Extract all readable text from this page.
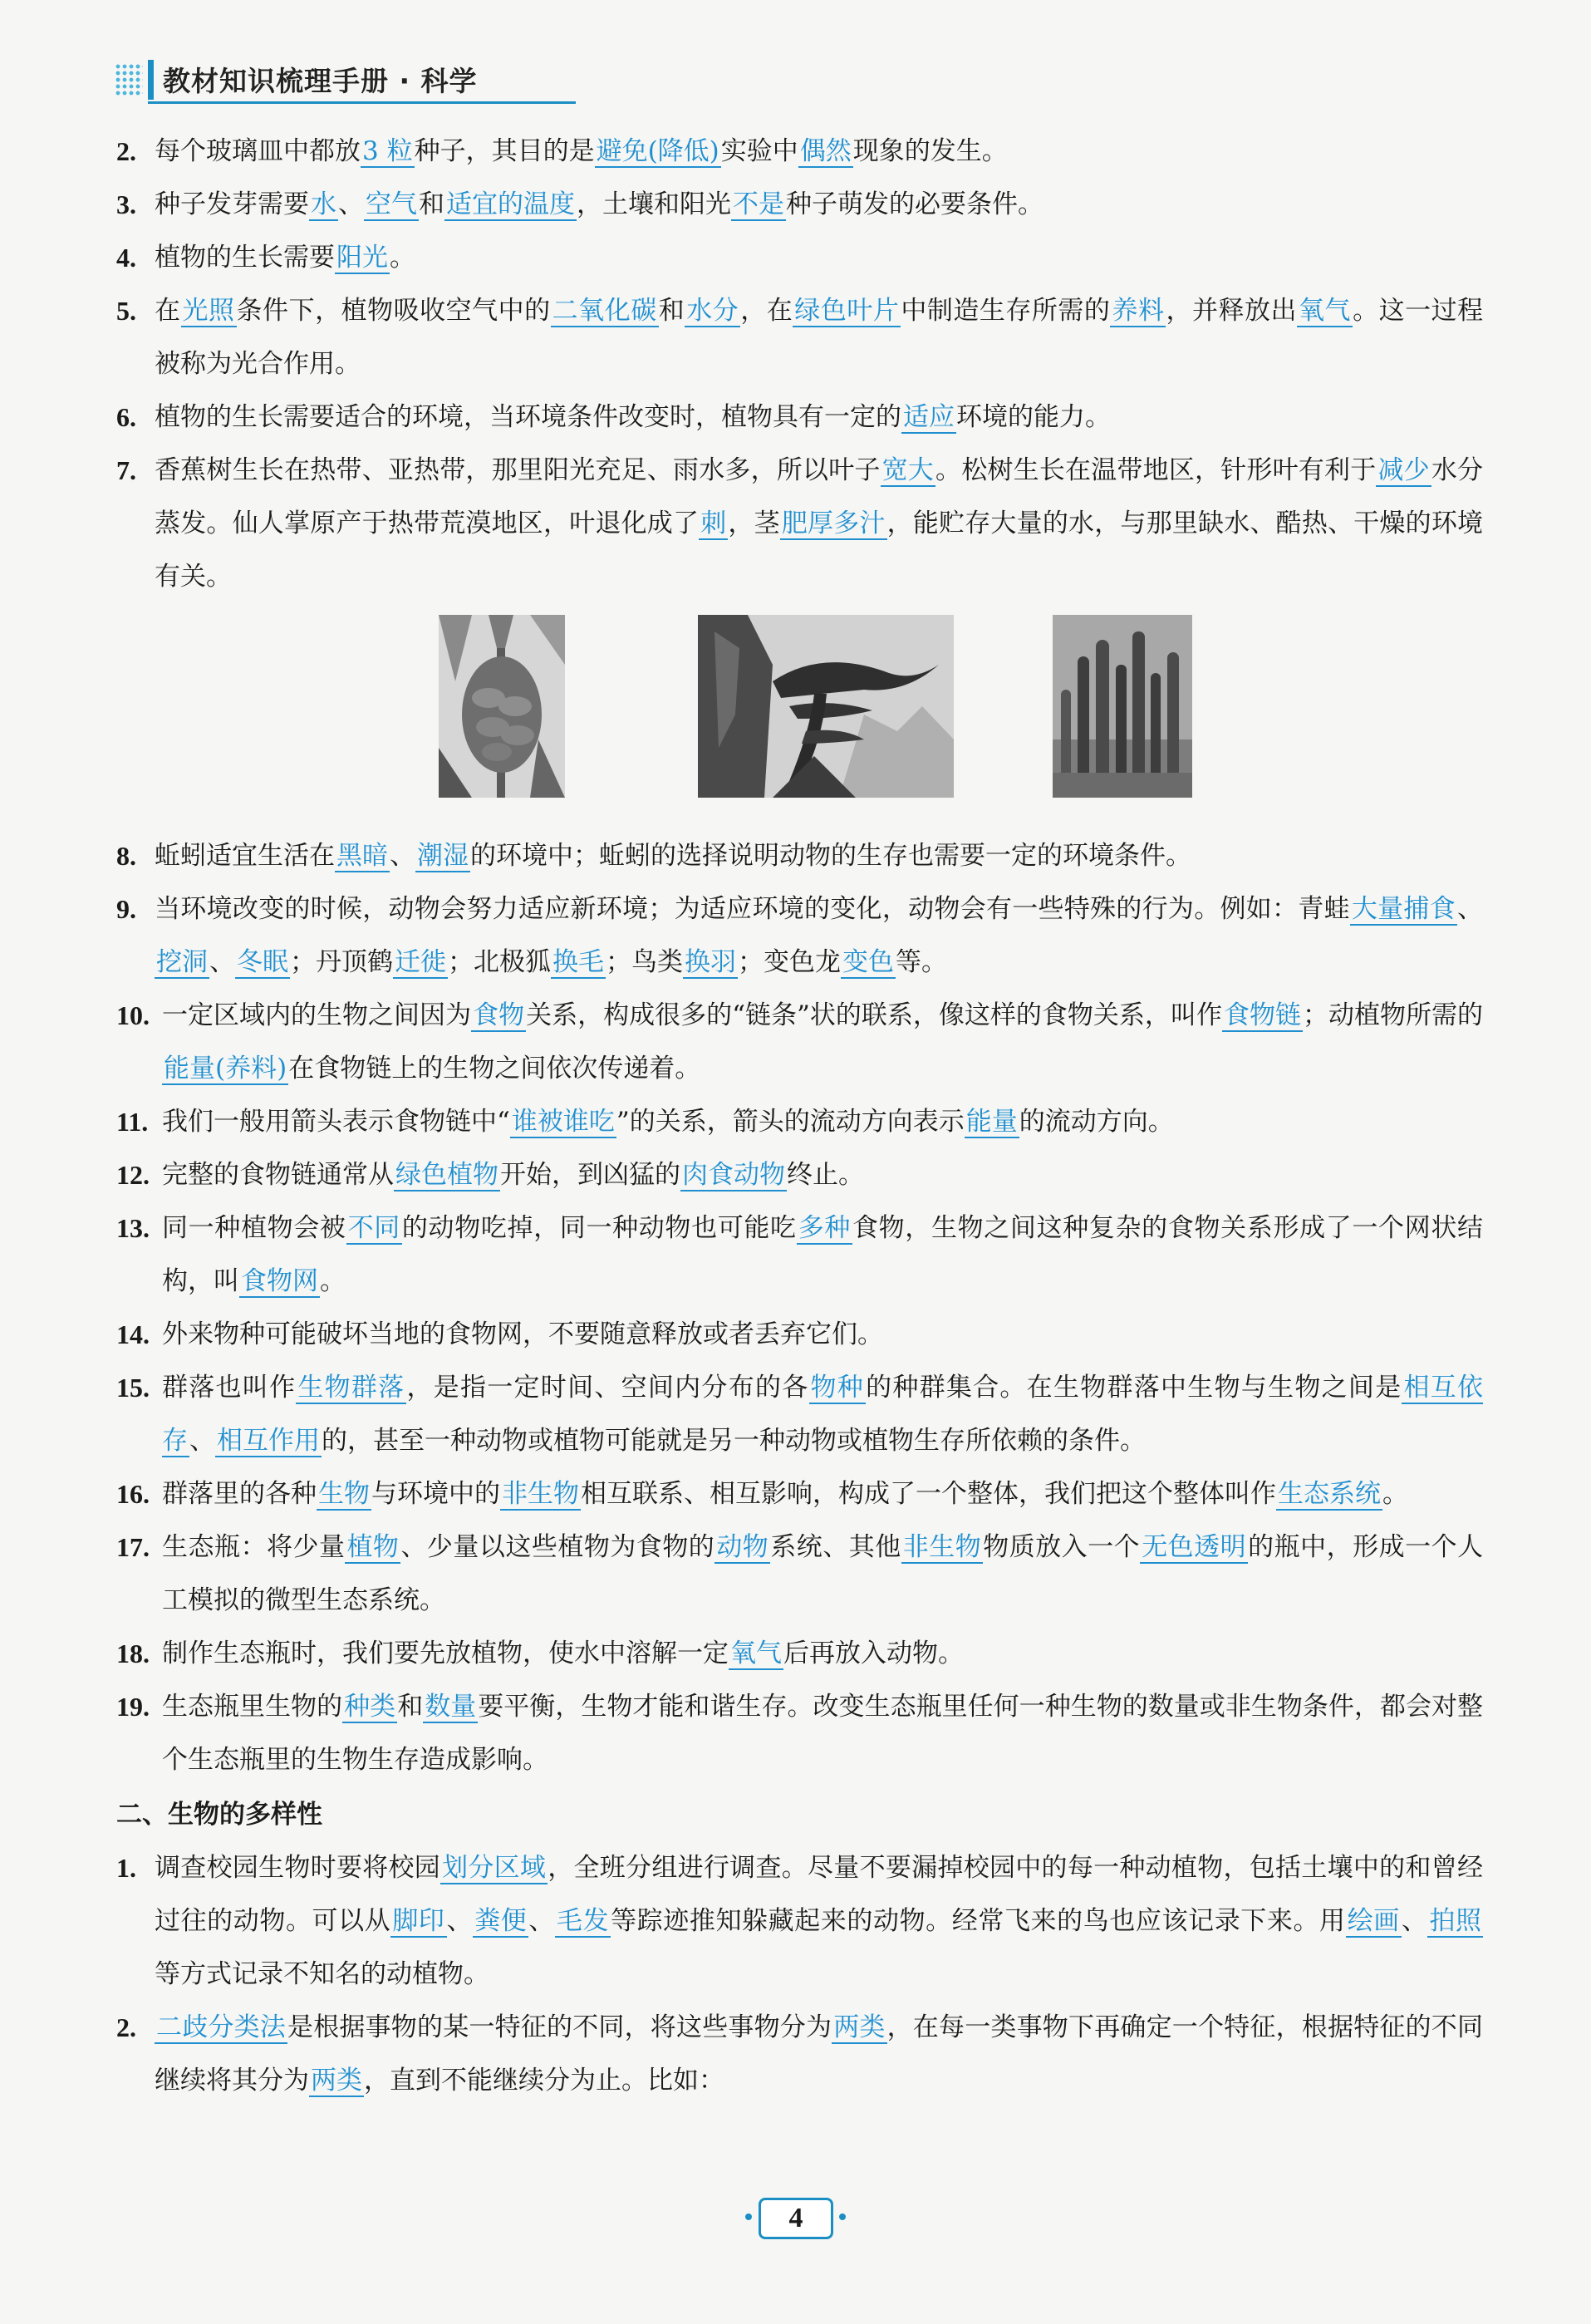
教材知识梳理手册 · 科学
2. 每个玻璃皿中都放3 粒种子，其目的是避免(降低)实验中偶然现象的发生。
3. 种子发芽需要水、空气和适宜的温度，土壤和阳光不是种子萌发的必要条件。
4. 植物的生长需要阳光。
5. 在光照条件下，植物吸收空气中的二氧化碳和水分，在绿色叶片中制造生存所需的养料，并释放出氧气。这一过程被称为光合作用。
6. 植物的生长需要适合的环境，当环境条件改变时，植物具有一定的适应环境的能力。
7. 香蕉树生长在热带、亚热带，那里阳光充足、雨水多，所以叶子宽大。松树生长在温带地区，针形叶有利于减少水分蒸发。仙人掌原产于热带荒漠地区，叶退化成了刺，茎肥厚多汁，能贮存大量的水，与那里缺水、酷热、干燥的环境有关。
8. 蚯蚓适宜生活在黑暗、潮湿的环境中；蚯蚓的选择说明动物的生存也需要一定的环境条件。
9. 当环境改变的时候，动物会努力适应新环境；为适应环境的变化，动物会有一些特殊的行为。例如：青蛙大量捕食、挖洞、冬眠；丹顶鹤迁徙；北极狐换毛；鸟类换羽；变色龙变色等。
10. 一定区域内的生物之间因为食物关系，构成很多的“链条”状的联系，像这样的食物关系，叫作食物链；动植物所需的能量(养料)在食物链上的生物之间依次传递着。
11. 我们一般用箭头表示食物链中“谁被谁吃”的关系，箭头的流动方向表示能量的流动方向。
12. 完整的食物链通常从绿色植物开始，到凶猛的肉食动物终止。
13. 同一种植物会被不同的动物吃掉，同一种动物也可能吃多种食物，生物之间这种复杂的食物关系形成了一个网状结构，叫食物网。
14. 外来物种可能破坏当地的食物网，不要随意释放或者丢弃它们。
15. 群落也叫作生物群落，是指一定时间、空间内分布的各物种的种群集合。在生物群落中生物与生物之间是相互依存、相互作用的，甚至一种动物或植物可能就是另一种动物或植物生存所依赖的条件。
16. 群落里的各种生物与环境中的非生物相互联系、相互影响，构成了一个整体，我们把这个整体叫作生态系统。
17. 生态瓶：将少量植物、少量以这些植物为食物的动物系统、其他非生物物质放入一个无色透明的瓶中，形成一个人工模拟的微型生态系统。
18. 制作生态瓶时，我们要先放植物，使水中溶解一定氧气后再放入动物。
19. 生态瓶里生物的种类和数量要平衡，生物才能和谐生存。改变生态瓶里任何一种生物的数量或非生物条件，都会对整个生态瓶里的生物生存造成影响。
二、生物的多样性
1. 调查校园生物时要将校园划分区域，全班分组进行调查。尽量不要漏掉校园中的每一种动植物，包括土壤中的和曾经过往的动物。可以从脚印、粪便、毛发等踪迹推知躲藏起来的动物。经常飞来的鸟也应该记录下来。用绘画、拍照等方式记录不知名的动植物。
2. 二歧分类法是根据事物的某一特征的不同，将这些事物分为两类，在每一类事物下再确定一个特征，根据特征的不同继续将其分为两类，直到不能继续分为止。比如：
4
